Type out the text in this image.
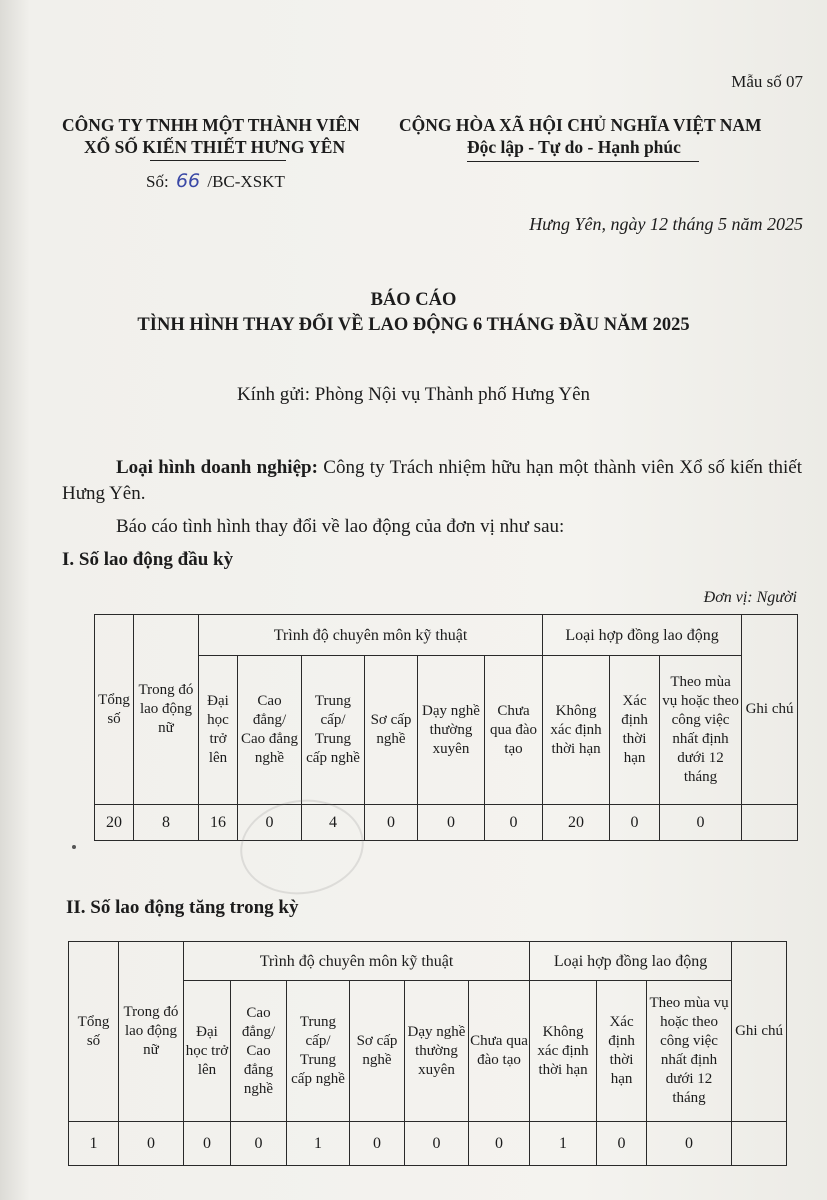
Mẫu số 07
CÔNG TY TNHH MỘT THÀNH VIÊN
XỔ SỐ KIẾN THIẾT HƯNG YÊN
Số: 66 /BC-XSKT
CỘNG HÒA XÃ HỘI CHỦ NGHĨA VIỆT NAM
Độc lập - Tự do - Hạnh phúc
Hưng Yên, ngày 12 tháng 5 năm 2025
BÁO CÁO
TÌNH HÌNH THAY ĐỔI VỀ LAO ĐỘNG 6 THÁNG ĐẦU NĂM 2025
Kính gửi: Phòng Nội vụ Thành phố Hưng Yên
Loại hình doanh nghiệp: Công ty Trách nhiệm hữu hạn một thành viên Xổ số kiến thiết Hưng Yên.
Báo cáo tình hình thay đổi về lao động của đơn vị như sau:
I. Số lao động đầu kỳ
Đơn vị: Người
Tổng số	Trong đó lao động nữ	Trình độ chuyên môn kỹ thuật						Loại hợp đồng lao động			Ghi chú
		Đại học trở lên	Cao đẳng/ Cao đẳng nghề	Trung cấp/ Trung cấp nghề	Sơ cấp nghề	Dạy nghề thường xuyên	Chưa qua đào tạo	Không xác định thời hạn	Xác định thời hạn	Theo mùa vụ hoặc theo công việc nhất định dưới 12 tháng	
20	8	16	0	4	0	0	0	20	0	0	
II. Số lao động tăng trong kỳ
Tổng số	Trong đó lao động nữ	Trình độ chuyên môn kỹ thuật						Loại hợp đồng lao động			Ghi chú
		Đại học trở lên	Cao đẳng/ Cao đẳng nghề	Trung cấp/ Trung cấp nghề	Sơ cấp nghề	Dạy nghề thường xuyên	Chưa qua đào tạo	Không xác định thời hạn	Xác định thời hạn	Theo mùa vụ hoặc theo công việc nhất định dưới 12 tháng	
1	0	0	0	1	0	0	0	1	0	0	
